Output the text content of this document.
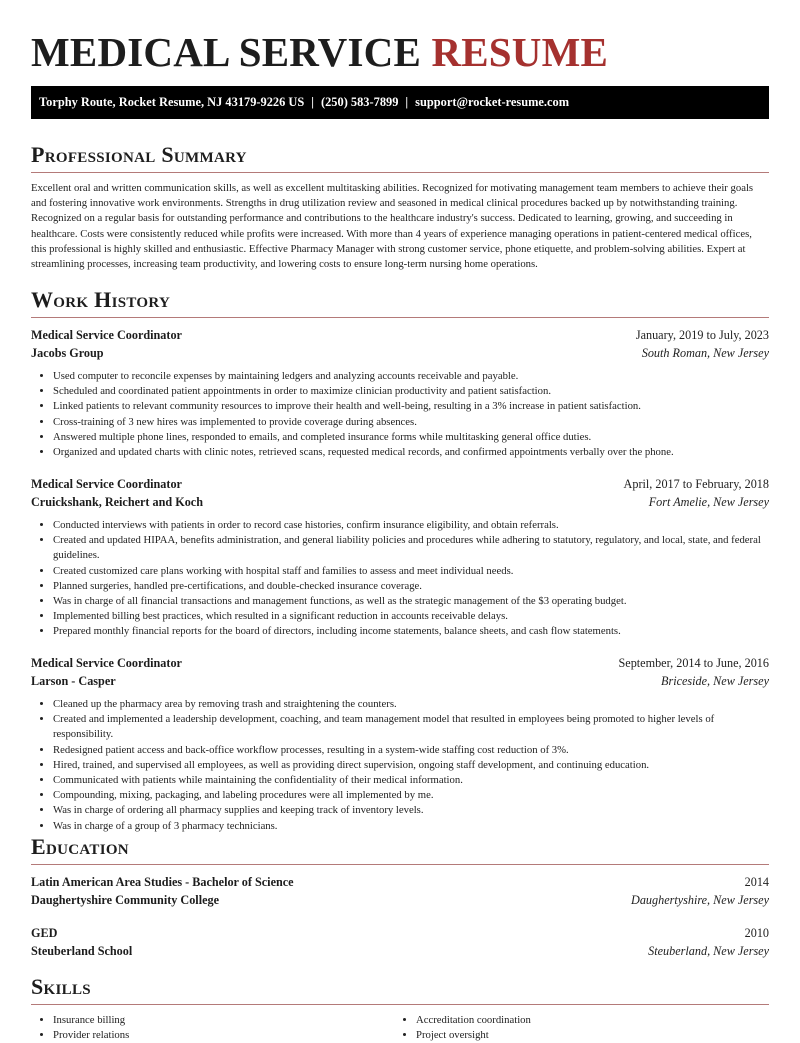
MEDICAL SERVICE RESUME
Torphy Route, Rocket Resume, NJ 43179-9226 US | (250) 583-7899 | support@rocket-resume.com
Professional Summary

Excellent oral and written communication skills, as well as excellent multitasking abilities. Recognized for motivating management team members to achieve their goals and fostering innovative work environments. Strengths in drug utilization review and seasoned in medical clinical procedures backed up by notwithstanding training. Recognized on a regular basis for outstanding performance and contributions to the healthcare industry's success. Dedicated to learning, growing, and succeeding in healthcare. Costs were consistently reduced while profits were increased. With more than 4 years of experience managing operations in patient-centered medical offices, this professional is highly skilled and enthusiastic. Effective Pharmacy Manager with strong customer service, phone etiquette, and problem-solving abilities. Expert at streamlining processes, increasing team productivity, and lowering costs to ensure long-term nursing home operations.

Work History
Medical Service Coordinator	January, 2019 to July, 2023
Jacobs Group	South Roman, New Jersey
• Used computer to reconcile expenses by maintaining ledgers and analyzing accounts receivable and payable.
• Scheduled and coordinated patient appointments in order to maximize clinician productivity and patient satisfaction.
• Linked patients to relevant community resources to improve their health and well-being, resulting in a 3% increase in patient satisfaction.
• Cross-training of 3 new hires was implemented to provide coverage during absences.
• Answered multiple phone lines, responded to emails, and completed insurance forms while multitasking general office duties.
• Organized and updated charts with clinic notes, retrieved scans, requested medical records, and confirmed appointments verbally over the phone.
Medical Service Coordinator	April, 2017 to February, 2018
Cruickshank, Reichert and Koch	Fort Amelie, New Jersey
• Conducted interviews with patients in order to record case histories, confirm insurance eligibility, and obtain referrals.
• Created and updated HIPAA, benefits administration, and general liability policies and procedures while adhering to statutory, regulatory, and local, state, and federal guidelines.
• Created customized care plans working with hospital staff and families to assess and meet individual needs.
• Planned surgeries, handled pre-certifications, and double-checked insurance coverage.
• Was in charge of all financial transactions and management functions, as well as the strategic management of the $3 operating budget.
• Implemented billing best practices, which resulted in a significant reduction in accounts receivable delays.
• Prepared monthly financial reports for the board of directors, including income statements, balance sheets, and cash flow statements.
Medical Service Coordinator	September, 2014 to June, 2016
Larson - Casper	Briceside, New Jersey
• Cleaned up the pharmacy area by removing trash and straightening the counters.
• Created and implemented a leadership development, coaching, and team management model that resulted in employees being promoted to higher levels of responsibility.
• Redesigned patient access and back-office workflow processes, resulting in a system-wide staffing cost reduction of 3%.
• Hired, trained, and supervised all employees, as well as providing direct supervision, ongoing staff development, and continuing education.
• Communicated with patients while maintaining the confidentiality of their medical information.
• Compounding, mixing, packaging, and labeling procedures were all implemented by me.
• Was in charge of ordering all pharmacy supplies and keeping track of inventory levels.
• Was in charge of a group of 3 pharmacy technicians.
Education
Latin American Area Studies - Bachelor of Science	2014
Daughertyshire Community College	Daughertyshire, New Jersey
GED	2010
Steuberland School	Steuberland, New Jersey
Skills
• Insurance billing
• Provider relations
• Accreditation coordination
• Project oversight
